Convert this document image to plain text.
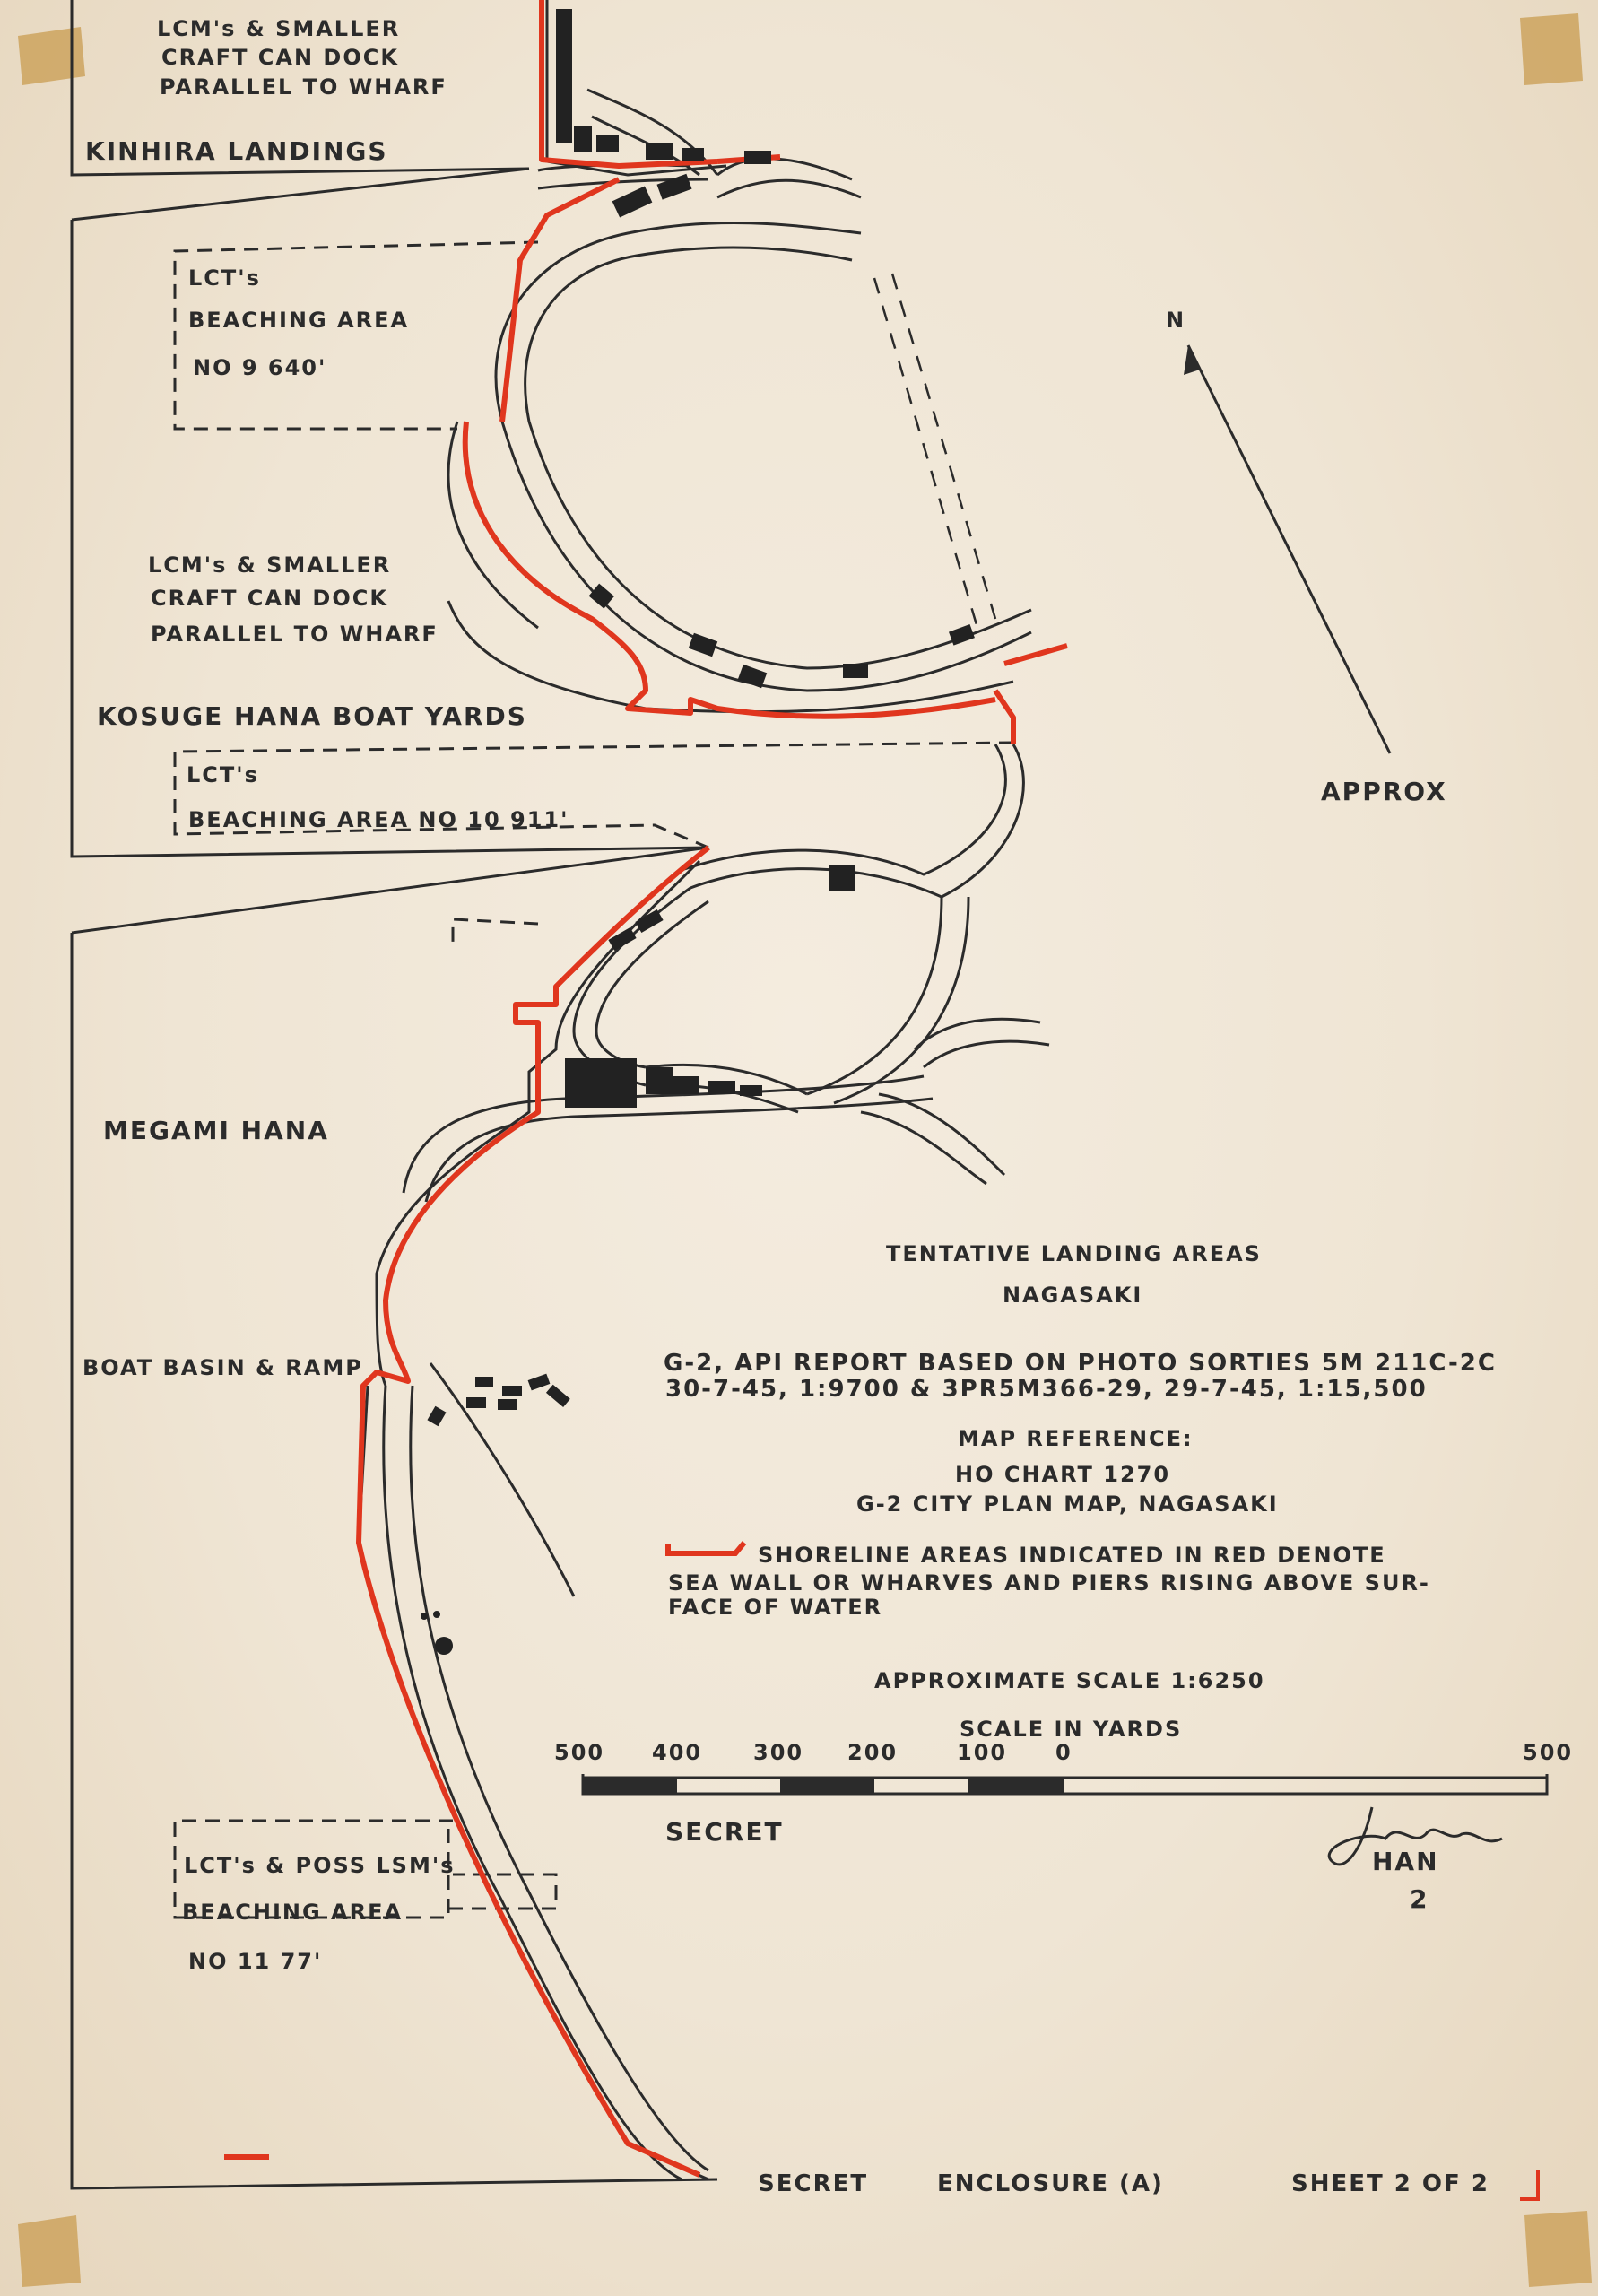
N
LCM's & SMALLER
CRAFT CAN DOCK
PARALLEL TO WHARF
KINHIRA LANDINGS
LCT's
BEACHING AREA
NO 9 640'
LCM's & SMALLER
CRAFT CAN DOCK
PARALLEL TO WHARF
KOSUGE HANA BOAT YARDS
LCT's
BEACHING AREA NO 10 911'
APPROX
MEGAMI HANA
BOAT BASIN & RAMP
LCT's & POSS LSM's
BEACHING AREA
NO 11 77'
TENTATIVE LANDING AREAS
NAGASAKI
G-2, API REPORT BASED ON PHOTO SORTIES 5M 211C-2C
30-7-45, 1:9700 & 3PR5M366-29, 29-7-45, 1:15,500
MAP REFERENCE:
HO CHART 1270
G-2 CITY PLAN MAP, NAGASAKI
SHORELINE AREAS INDICATED IN RED DENOTE
SEA WALL OR WHARVES AND PIERS RISING ABOVE SUR-
FACE OF WATER
APPROXIMATE SCALE 1:6250
SCALE IN YARDS
500 400 300 200	100 0	500
SECRET
HAN
2
SECRET	ENCLOSURE (A)	SHEET 2 OF 2
